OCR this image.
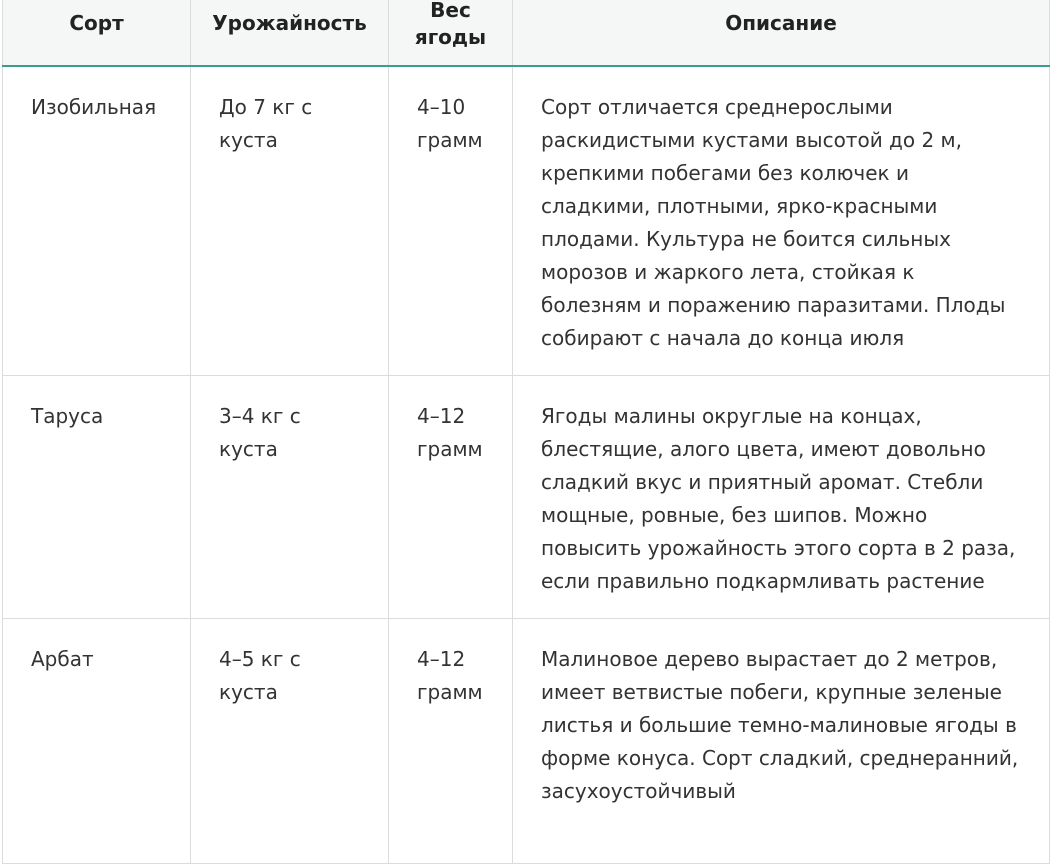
Сорт	Урожайность	Вес ягоды	Описание
Изобильная	До 7 кг с куста	4–10 грамм	Сорт отличается среднерослыми раскидистыми кустами высотой до 2 м, крепкими побегами без колючек и сладкими, плотными, ярко-красными плодами. Культура не боится сильных морозов и жаркого лета, стойкая к болезням и поражению паразитами. Плоды собирают с начала до конца июля
Таруса	3–4 кг с куста	4–12 грамм	Ягоды малины округлые на концах, блестящие, алого цвета, имеют довольно сладкий вкус и приятный аромат. Стебли мощные, ровные, без шипов. Можно повысить урожайность этого сорта в 2 раза, если правильно подкармливать растение
Арбат	4–5 кг с куста	4–12 грамм	Малиновое дерево вырастает до 2 метров, имеет ветвистые побеги, крупные зеленые листья и большие темно-малиновые ягоды в форме конуса. Сорт сладкий, среднеранний, засухоустойчивый
